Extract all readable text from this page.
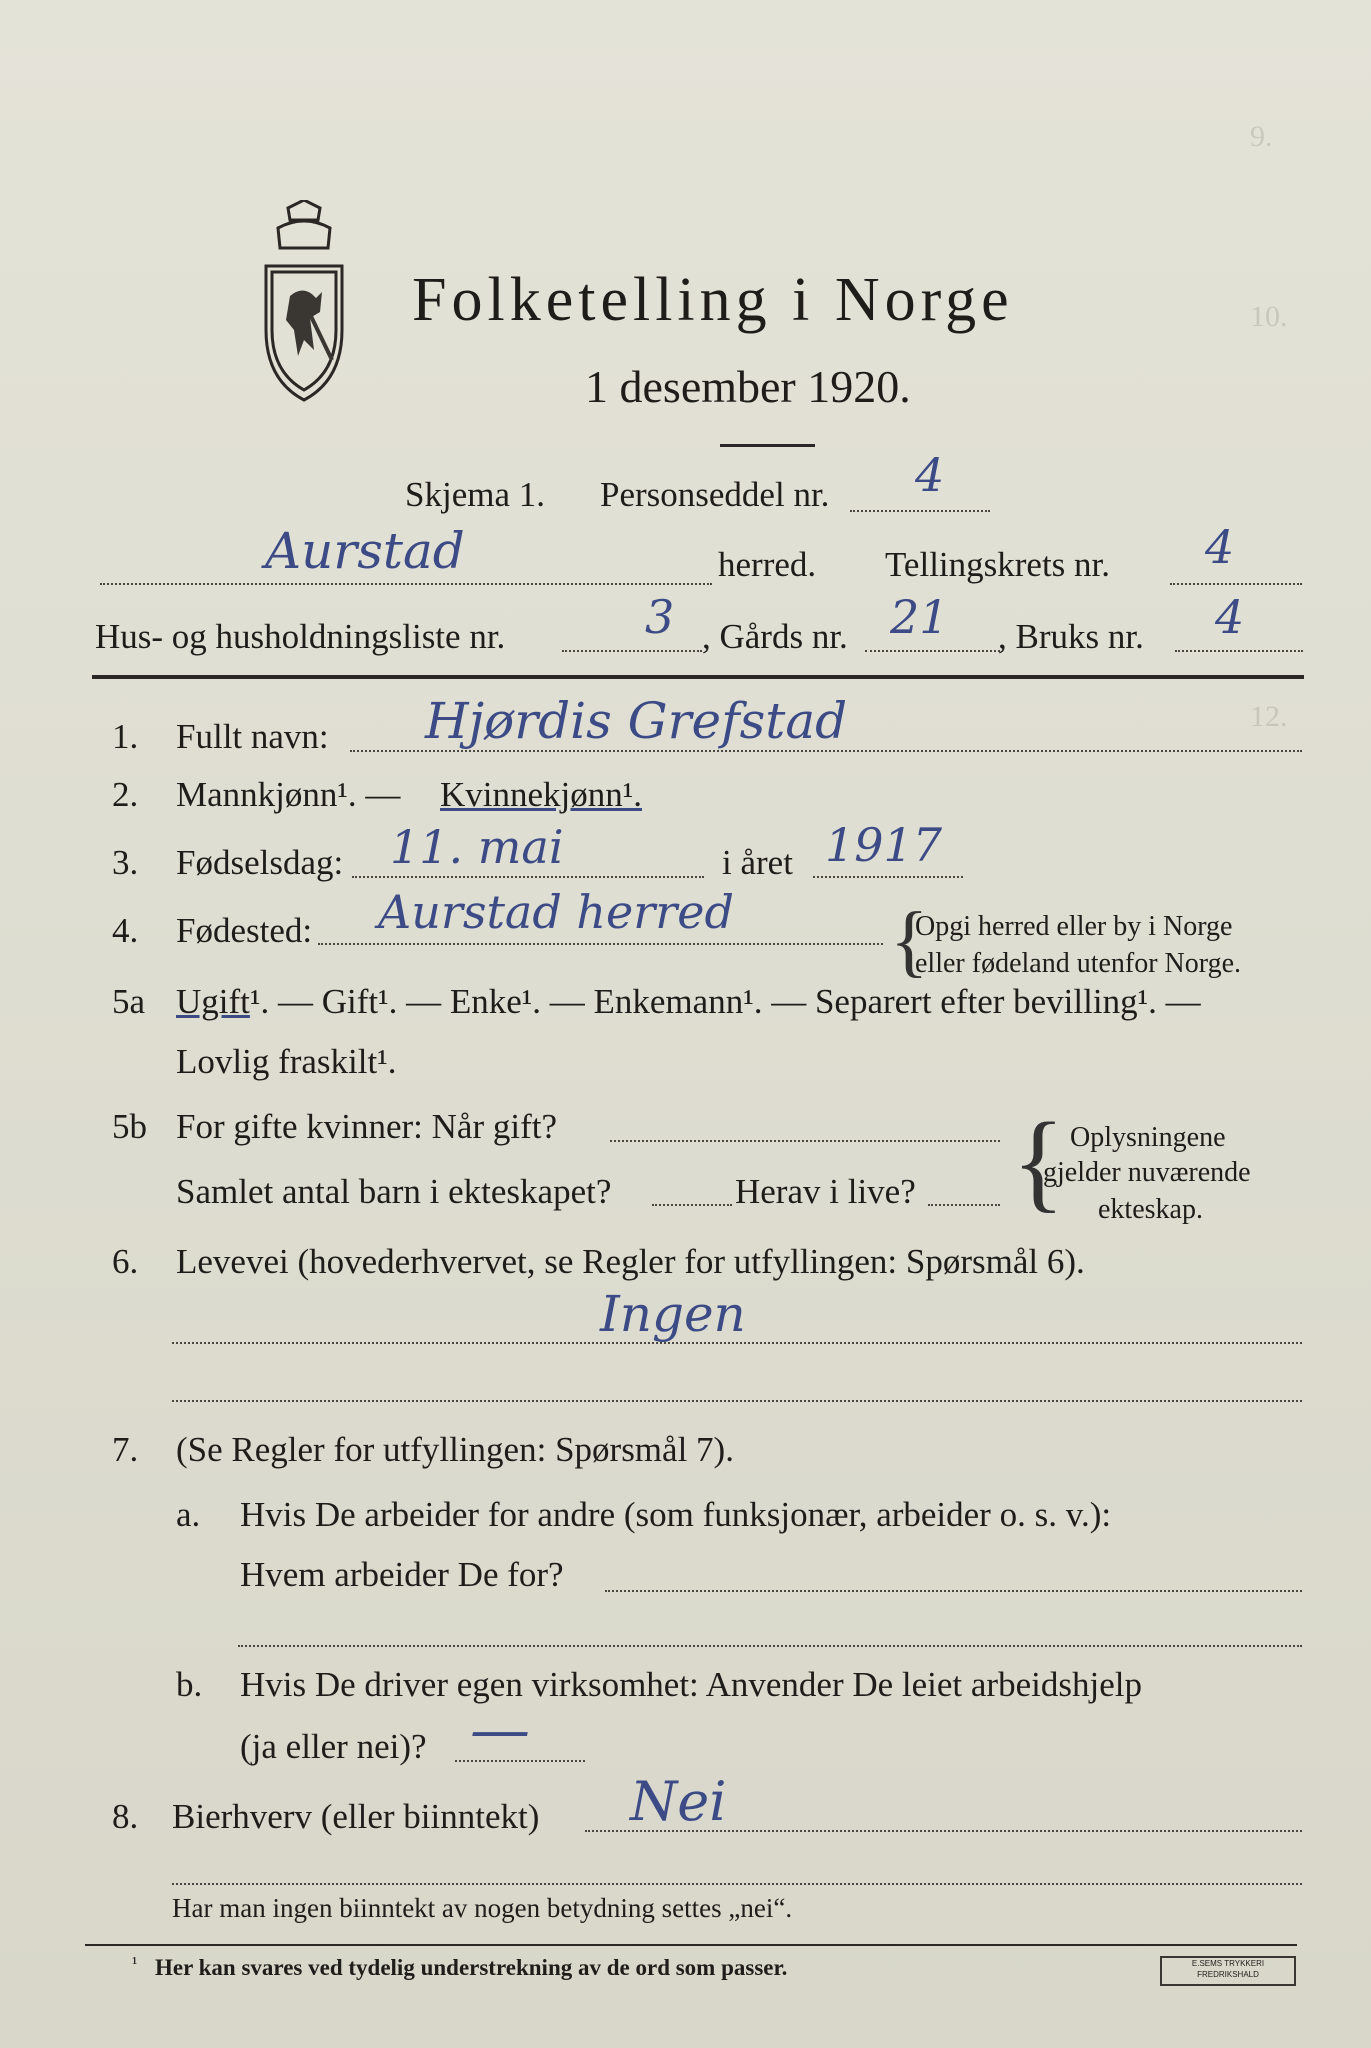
9.
10.
12.
Folketelling i Norge
1 desember 1920.
Skjema 1. Personseddel nr. 4
Aurstad	herred. Tellingskrets nr. 4
Hus- og husholdningsliste nr.	3 , Gårds nr. 21 , Bruks nr. 4
1. Fullt navn: Hjørdis Grefstad
2. Mannkjønn¹. — Kvinnekjønn¹.
3. Fødselsdag: 11. mai	i året 1917
4. Fødested: Aurstad herred {
Opgi herred eller by i Norge
eller fødeland utenfor Norge.
5a Ugift ¹. — Gift¹. — Enke¹. — Enkemann¹. — Separert efter bevilling¹. —
Lovlig fraskilt¹.
5b For gifte kvinner: Når gift?
Samlet antal barn i ekteskapet?	Herav i live? { Oplysningene
gjelder nuværende
ekteskap.
6. Levevei (hovederhvervet, se Regler for utfyllingen: Spørsmål 6).
Ingen
7. (Se Regler for utfyllingen: Spørsmål 7).
a. Hvis De arbeider for andre (som funksjonær, arbeider o. s. v.):
Hvem arbeider De for?
b. Hvis De driver egen virksomhet: Anvender De leiet arbeidshjelp
(ja eller nei)? —
8. Bierhverv (eller biinntekt) Nei
Har man ingen biinntekt av nogen betydning settes „nei“.
¹ Her kan svares ved tydelig understrekning av de ord som passer.	E.SEMS TRYKKERI
FREDRIKSHALD
